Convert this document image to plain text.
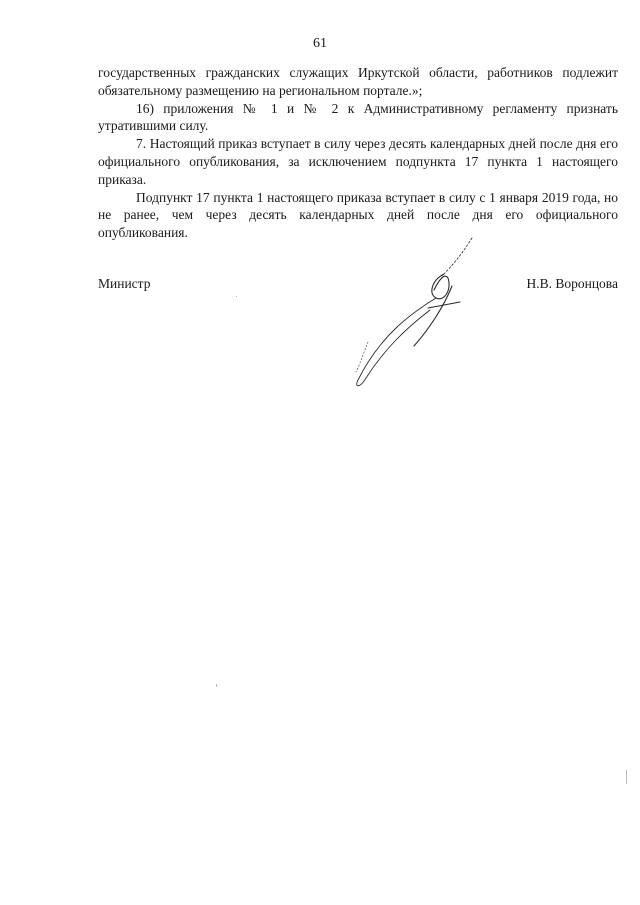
61

государственных гражданских служащих Иркутской области, работников подлежит обязательному размещению на региональном портале.»;

16) приложения № 1 и № 2 к Административному регламенту признать утратившими силу.

7. Настоящий приказ вступает в силу через десять календарных дней после дня его официального опубликования, за исключением подпункта 17 пункта 1 настоящего приказа.

Подпункт 17 пункта 1 настоящего приказа вступает в силу с 1 января 2019 года, но не ранее, чем через десять календарных дней после дня его официального опубликования.

Министр	Н.В. Воронцова
